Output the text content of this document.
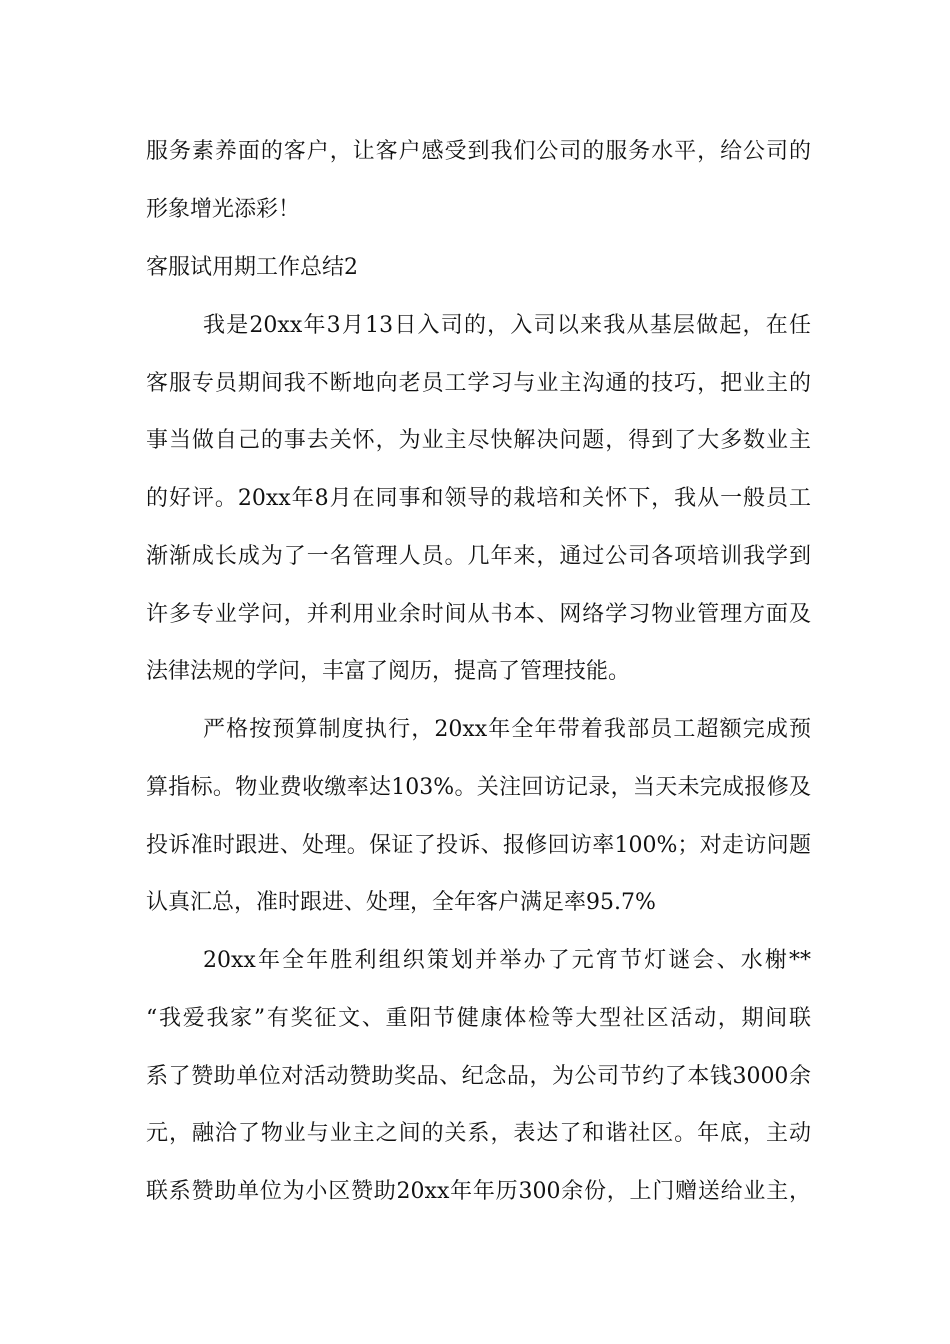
服务素养面的客户，让客户感受到我们公司的服务水平，给公司的
形象增光添彩！
客服试用期工作总结2
我是20xx年3月13日入司的，入司以来我从基层做起，在任
客服专员期间我不断地向老员工学习与业主沟通的技巧，把业主的
事当做自己的事去关怀，为业主尽快解决问题，得到了大多数业主
的好评。20xx年8月在同事和领导的栽培和关怀下，我从一般员工
渐渐成长成为了一名管理人员。几年来，通过公司各项培训我学到
许多专业学问，并利用业余时间从书本、网络学习物业管理方面及
法律法规的学问，丰富了阅历，提高了管理技能。
严格按预算制度执行，20xx年全年带着我部员工超额完成预
算指标。物业费收缴率达103%。关注回访记录，当天未完成报修及
投诉准时跟进、处理。保证了投诉、报修回访率100%；对走访问题
认真汇总，准时跟进、处理，全年客户满足率95.7%
20xx年全年胜利组织策划并举办了元宵节灯谜会、水榭**
“我爱我家”有奖征文、重阳节健康体检等大型社区活动，期间联
系了赞助单位对活动赞助奖品、纪念品，为公司节约了本钱3000余
元，融洽了物业与业主之间的关系，表达了和谐社区。年底，主动
联系赞助单位为小区赞助20xx年年历300余份，上门赠送给业主，
